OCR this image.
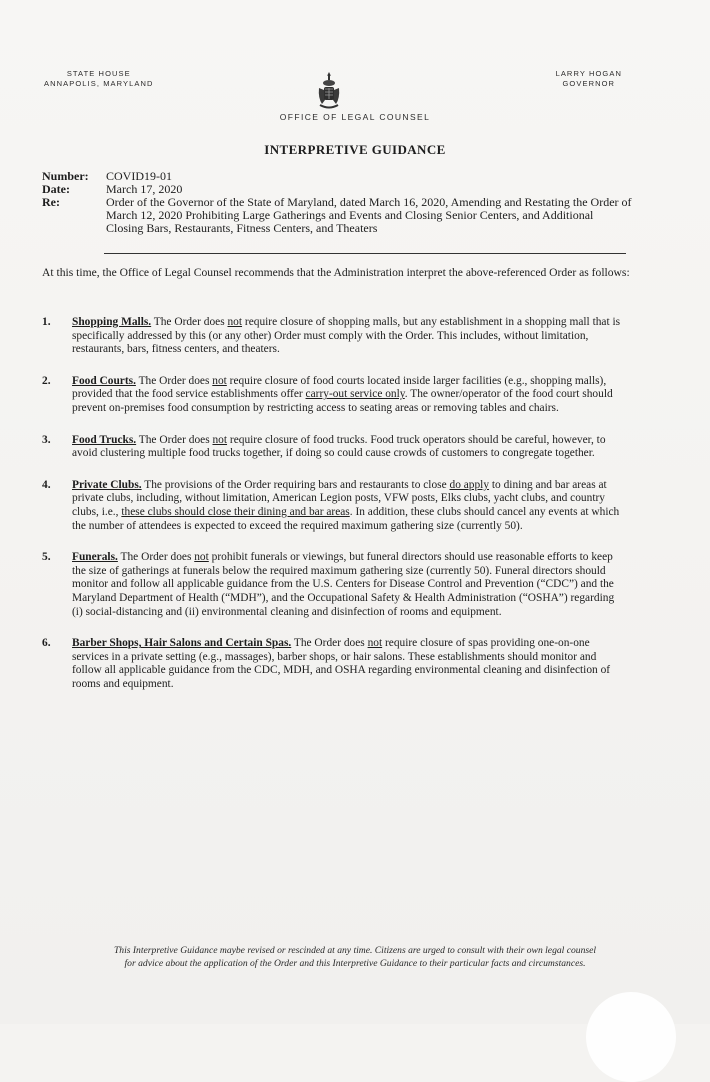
STATE HOUSE
ANNAPOLIS, MARYLAND
LARRY HOGAN
GOVERNOR
OFFICE OF LEGAL COUNSEL
INTERPRETIVE GUIDANCE
Number:	COVID19-01
Date:	March 17, 2020
Re:	Order of the Governor of the State of Maryland, dated March 16, 2020, Amending and Restating the Order of March 12, 2020 Prohibiting Large Gatherings and Events and Closing Senior Centers, and Additional Closing Bars, Restaurants, Fitness Centers, and Theaters
At this time, the Office of Legal Counsel recommends that the Administration interpret the above-referenced Order as follows:
1.	Shopping Malls. The Order does not require closure of shopping malls, but any establishment in a shopping mall that is specifically addressed by this (or any other) Order must comply with the Order. This includes, without limitation, restaurants, bars, fitness centers, and theaters.
2.	Food Courts. The Order does not require closure of food courts located inside larger facilities (e.g., shopping malls), provided that the food service establishments offer carry-out service only. The owner/operator of the food court should prevent on-premises food consumption by restricting access to seating areas or removing tables and chairs.
3.	Food Trucks. The Order does not require closure of food trucks. Food truck operators should be careful, however, to avoid clustering multiple food trucks together, if doing so could cause crowds of customers to congregate together.
4.	Private Clubs. The provisions of the Order requiring bars and restaurants to close do apply to dining and bar areas at private clubs, including, without limitation, American Legion posts, VFW posts, Elks clubs, yacht clubs, and country clubs, i.e., these clubs should close their dining and bar areas. In addition, these clubs should cancel any events at which the number of attendees is expected to exceed the required maximum gathering size (currently 50).
5.	Funerals. The Order does not prohibit funerals or viewings, but funeral directors should use reasonable efforts to keep the size of gatherings at funerals below the required maximum gathering size (currently 50). Funeral directors should monitor and follow all applicable guidance from the U.S. Centers for Disease Control and Prevention (“CDC”) and the Maryland Department of Health (“MDH”), and the Occupational Safety & Health Administration (“OSHA”) regarding (i) social-distancing and (ii) environmental cleaning and disinfection of rooms and equipment.
6.	Barber Shops, Hair Salons and Certain Spas. The Order does not require closure of spas providing one-on-one services in a private setting (e.g., massages), barber shops, or hair salons. These establishments should monitor and follow all applicable guidance from the CDC, MDH, and OSHA regarding environmental cleaning and disinfection of rooms and equipment.
This Interpretive Guidance maybe revised or rescinded at any time. Citizens are urged to consult with their own legal counsel
for advice about the application of the Order and this Interpretive Guidance to their particular facts and circumstances.
